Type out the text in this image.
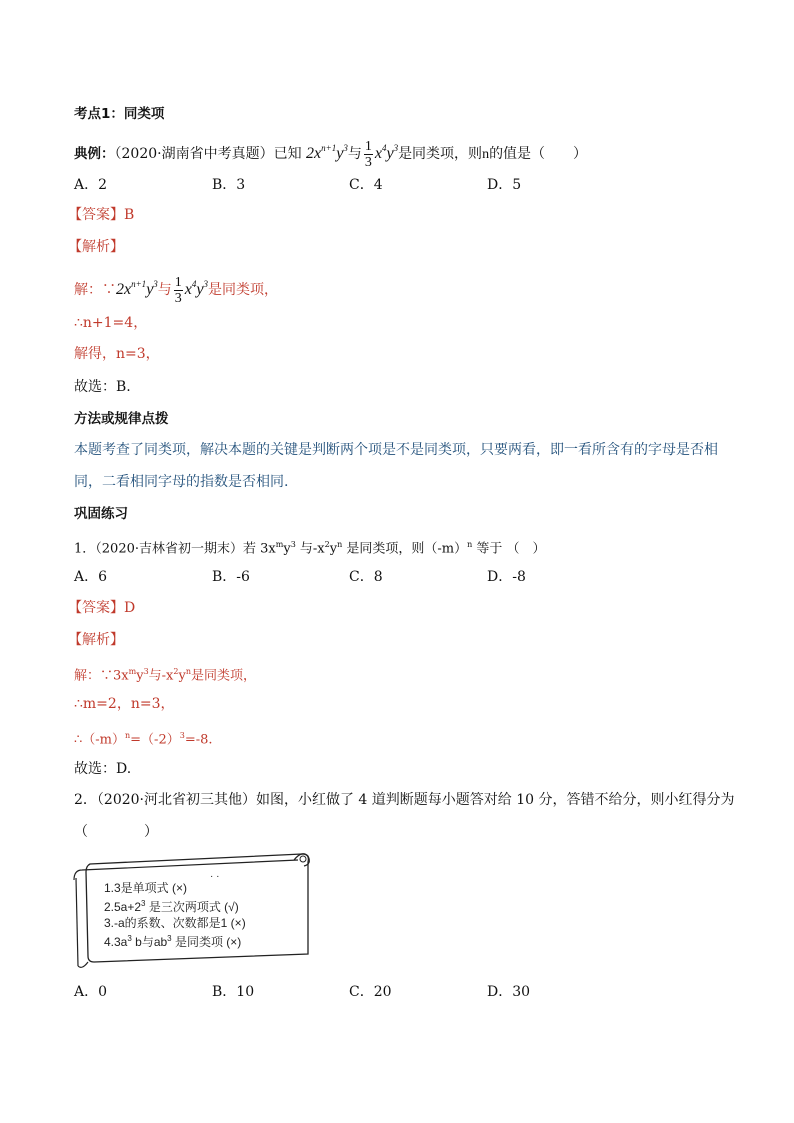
考点1：同类项
典例：（2020·湖南省中考真题）已知 $2x^{n+1}y^3$与 $\frac{1}{3} x^4y^3$是同类项，则n的值是（　　）
A．2	B．3	C．4	D．5
【答案】B
【解析】
解：$\because 2x^{n+1}y^3$与 $\frac{1}{3} x^4y^3$是同类项，
∴n+1=4，
解得，n=3，
故选：B.
方法或规律点拨
本题考查了同类项，解决本题的关键是判断两个项是不是同类项，只要两看，即一看所含有的字母是否相
同，二看相同字母的指数是否相同.
巩固练习
1．（2020·吉林省初一期末）若 $3x^my^3$ 与$-x^2y^n$ 是同类项，则$(-m)^n$ 等于 （　）
A．6	B．-6	C．8	D．-8
【答案】D
【解析】
解：$\because 3x^my^3$与$-x^2y^n$是同类项，
∴m=2，n=3，
$\therefore(-m)^n=(-2)^3=-8$.
故选：D.
2．（2020·河北省初三其他）如图，小红做了 4 道判断题每小题答对给 10 分，答错不给分，则小红得分为
（　　　　）
· ·
1.3是单项式 (×)
$2.5a+2^3$ 是三次两项式 (√)
3.-a的系数、次数都是1 (×)
$4.3a^3$ b与$ab^3$ 是同类项 (×)
A．0	B．10	C．20	D．30
